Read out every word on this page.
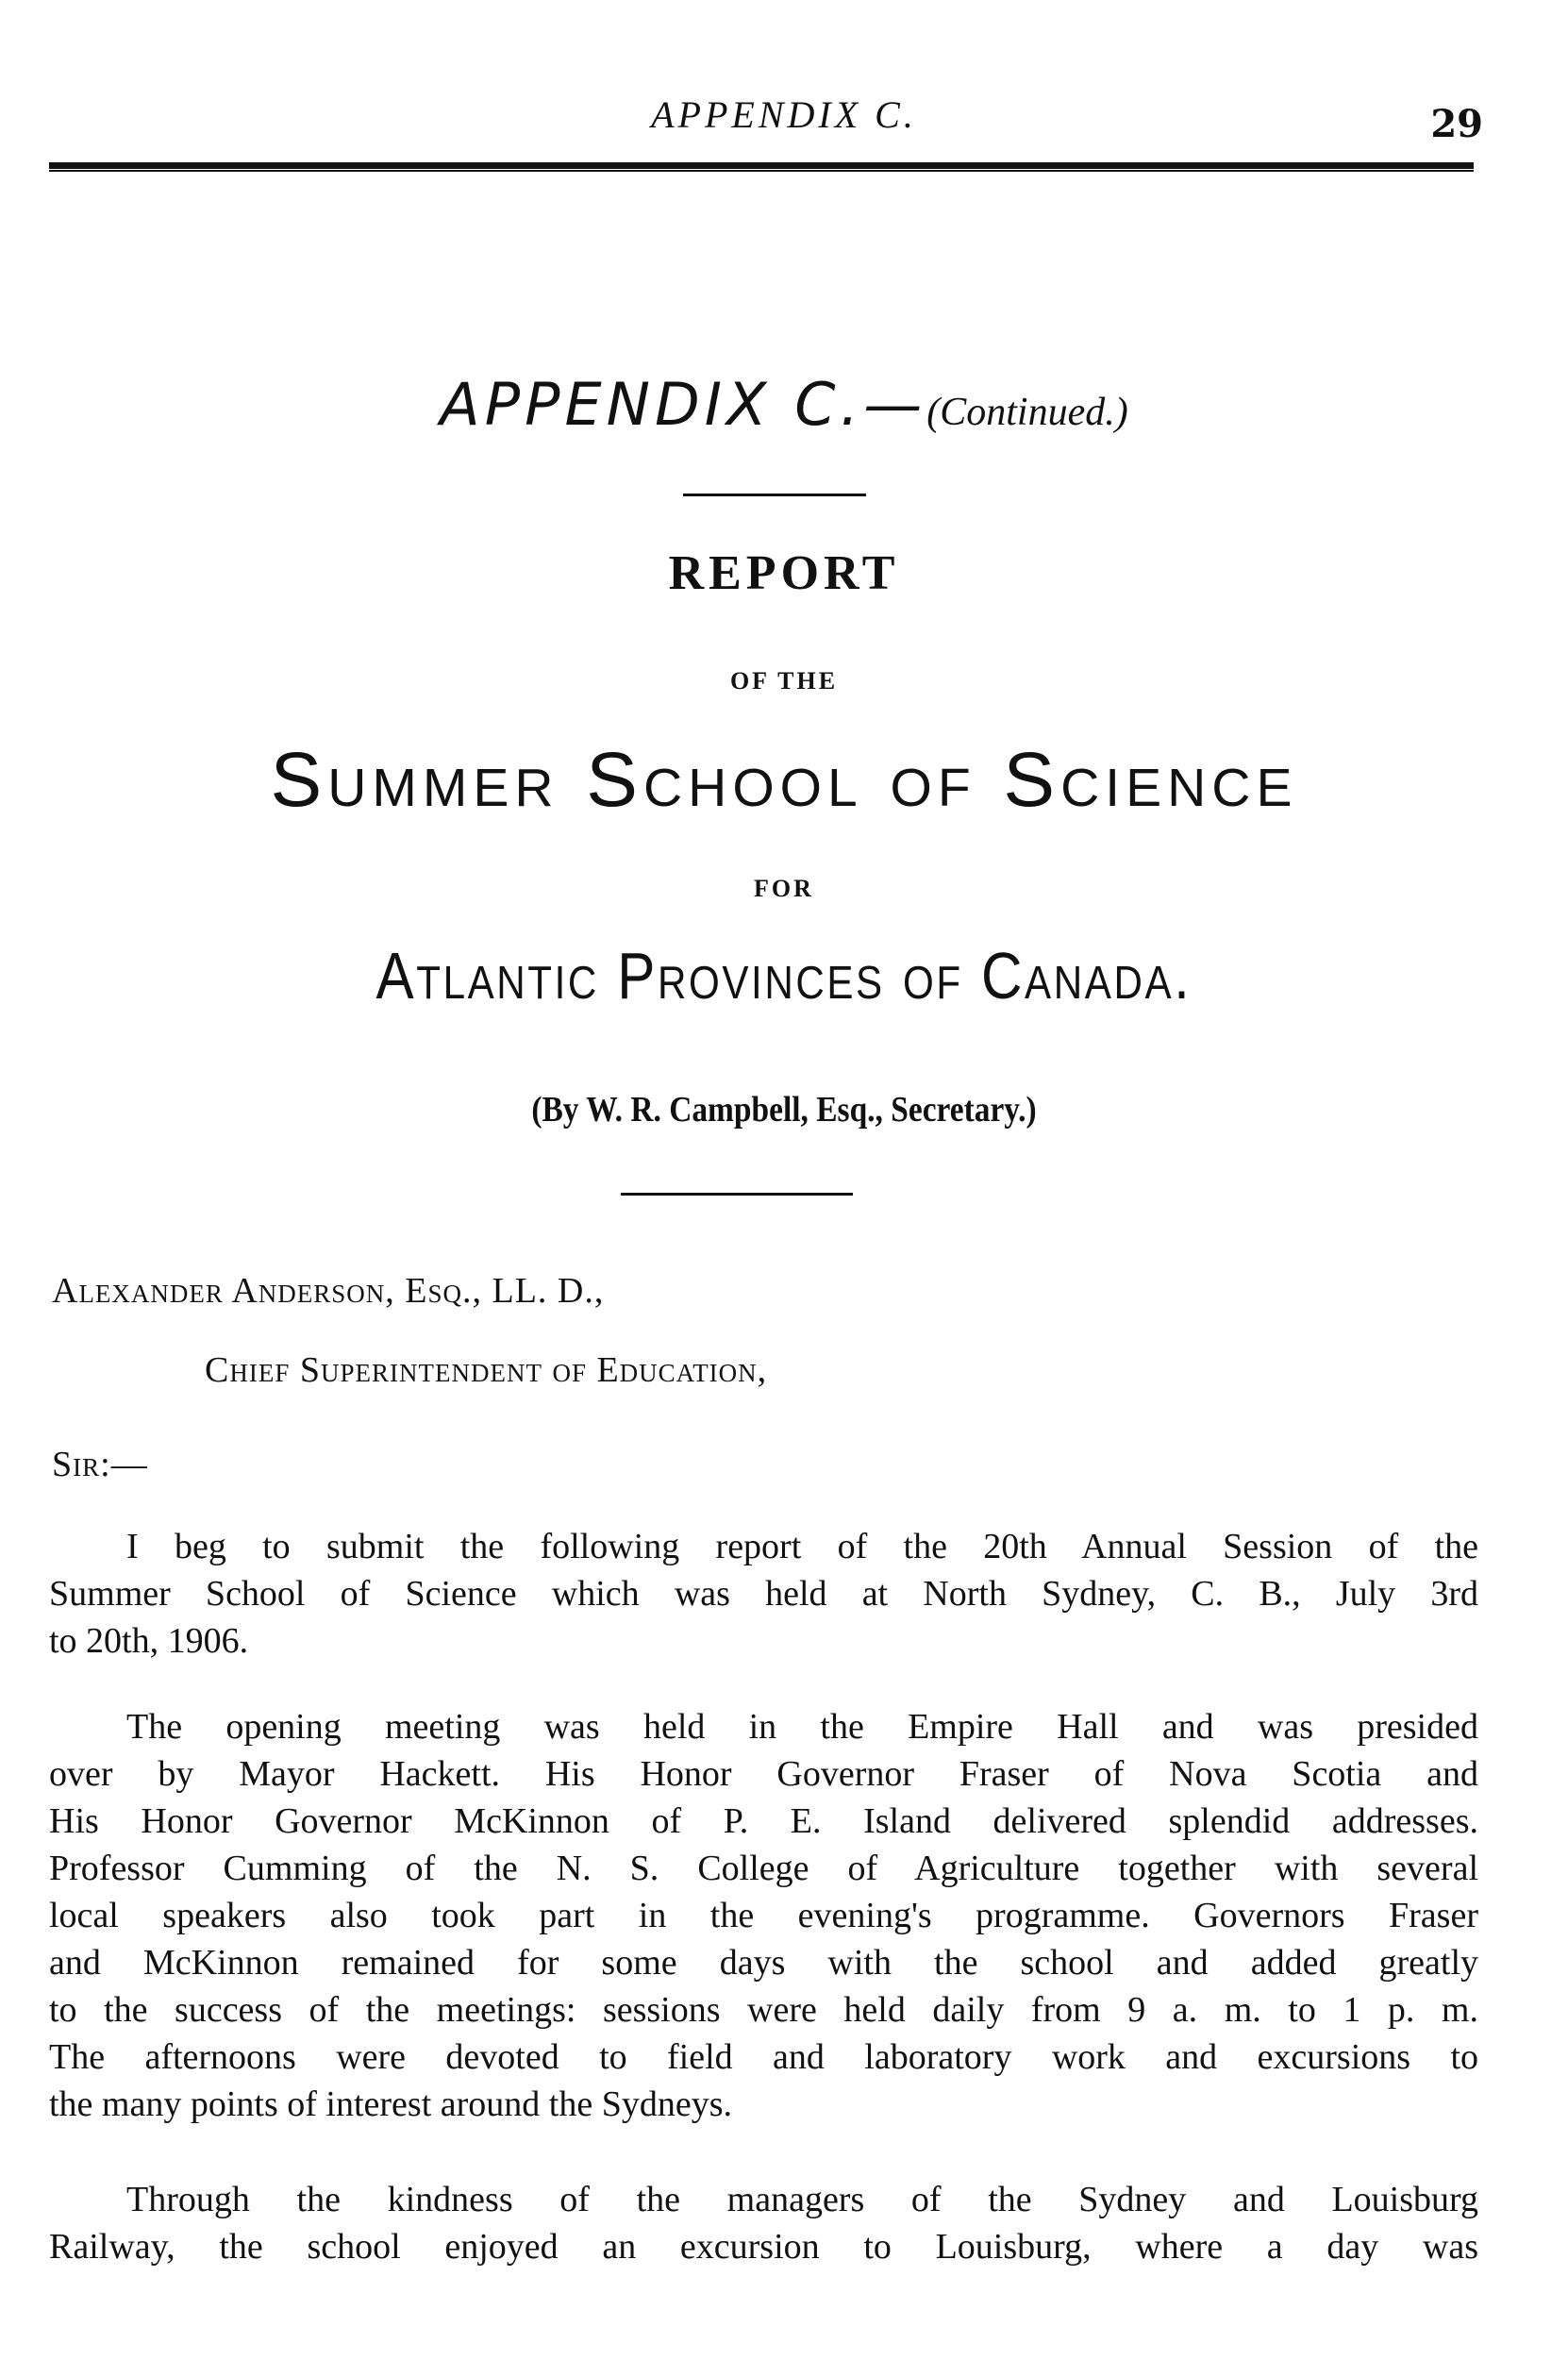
APPENDIX C.	29
APPENDIX C.—(Continued.)
REPORT
OF THE
Summer School of Science
FOR
Atlantic Provinces of Canada.
(By W. R. Campbell, Esq., Secretary.)
Alexander Anderson, Esq., LL. D.,
Chief Superintendent of Education,
Sir:—

I beg to submit the following report of the 20th Annual Session of the
Summer School of Science which was held at North Sydney, C. B., July 3rd
to 20th, 1906.

The opening meeting was held in the Empire Hall and was presided
over by Mayor Hackett. His Honor Governor Fraser of Nova Scotia and
His Honor Governor McKinnon of P. E. Island delivered splendid addresses.
Professor Cumming of the N. S. College of Agriculture together with several
local speakers also took part in the evening's programme. Governors Fraser
and McKinnon remained for some days with the school and added greatly
to the success of the meetings: sessions were held daily from 9 a. m. to 1 p. m.
The afternoons were devoted to field and laboratory work and excursions to
the many points of interest around the Sydneys.

Through the kindness of the managers of the Sydney and Louisburg
Railway, the school enjoyed an excursion to Louisburg, where a day was
